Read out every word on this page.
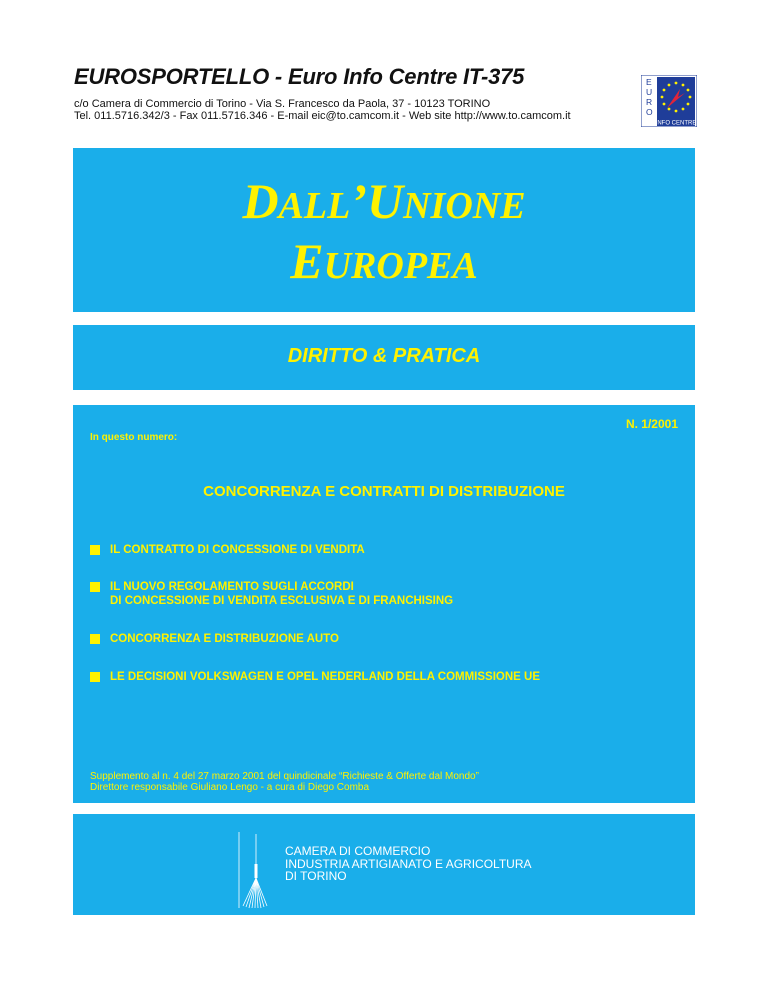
EUROSPORTELLO - Euro Info Centre IT-375
c/o Camera di Commercio di Torino - Via S. Francesco da Paola, 37 - 10123 TORINO
Tel. 011.5716.342/3 - Fax 011.5716.346 - E-mail eic@to.camcom.it - Web site http://www.to.camcom.it
E
U
R
O
INFO CENTRE
DALL’UNIONE
EUROPEA
DIRITTO & PRATICA
N. 1/2001
In questo numero:
CONCORRENZA E CONTRATTI DI DISTRIBUZIONE
IL CONTRATTO DI CONCESSIONE DI VENDITA
IL NUOVO REGOLAMENTO SUGLI ACCORDI
DI CONCESSIONE DI VENDITA ESCLUSIVA E DI FRANCHISING
CONCORRENZA E DISTRIBUZIONE AUTO
LE DECISIONI VOLKSWAGEN E OPEL NEDERLAND DELLA COMMISSIONE UE
Supplemento al n. 4 del 27 marzo 2001 del quindicinale “Richieste & Offerte dal Mondo”
Direttore responsabile Giuliano Lengo - a cura di Diego Comba
CAMERA DI COMMERCIO
INDUSTRIA ARTIGIANATO E AGRICOLTURA
DI TORINO
